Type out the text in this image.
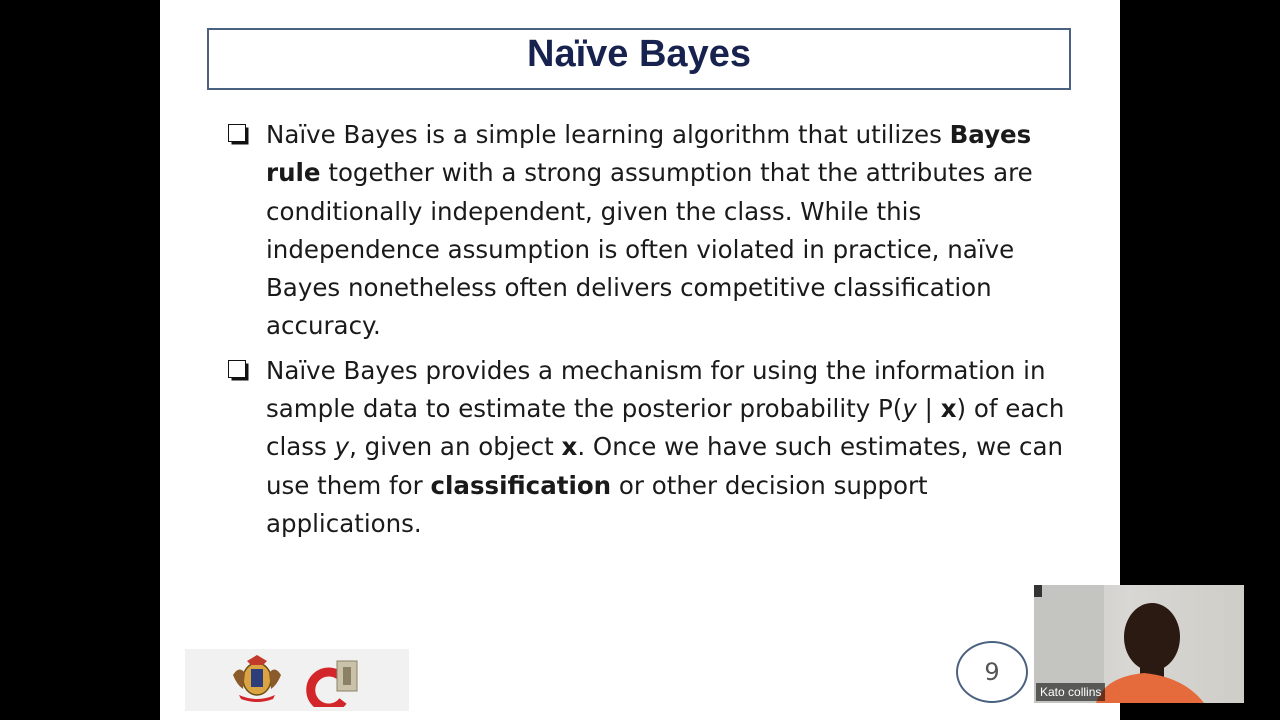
Naïve Bayes
Naïve Bayes is a simple learning algorithm that utilizes Bayes rule together with a strong assumption that the attributes are conditionally independent, given the class. While this independence assumption is often violated in practice, naïve Bayes nonetheless often delivers competitive classification accuracy.
Naïve Bayes provides a mechanism for using the information in sample data to estimate the posterior probability P(y | x) of each class y, given an object x. Once we have such estimates, we can use them for classification or other decision support applications.
9
Kato collins
